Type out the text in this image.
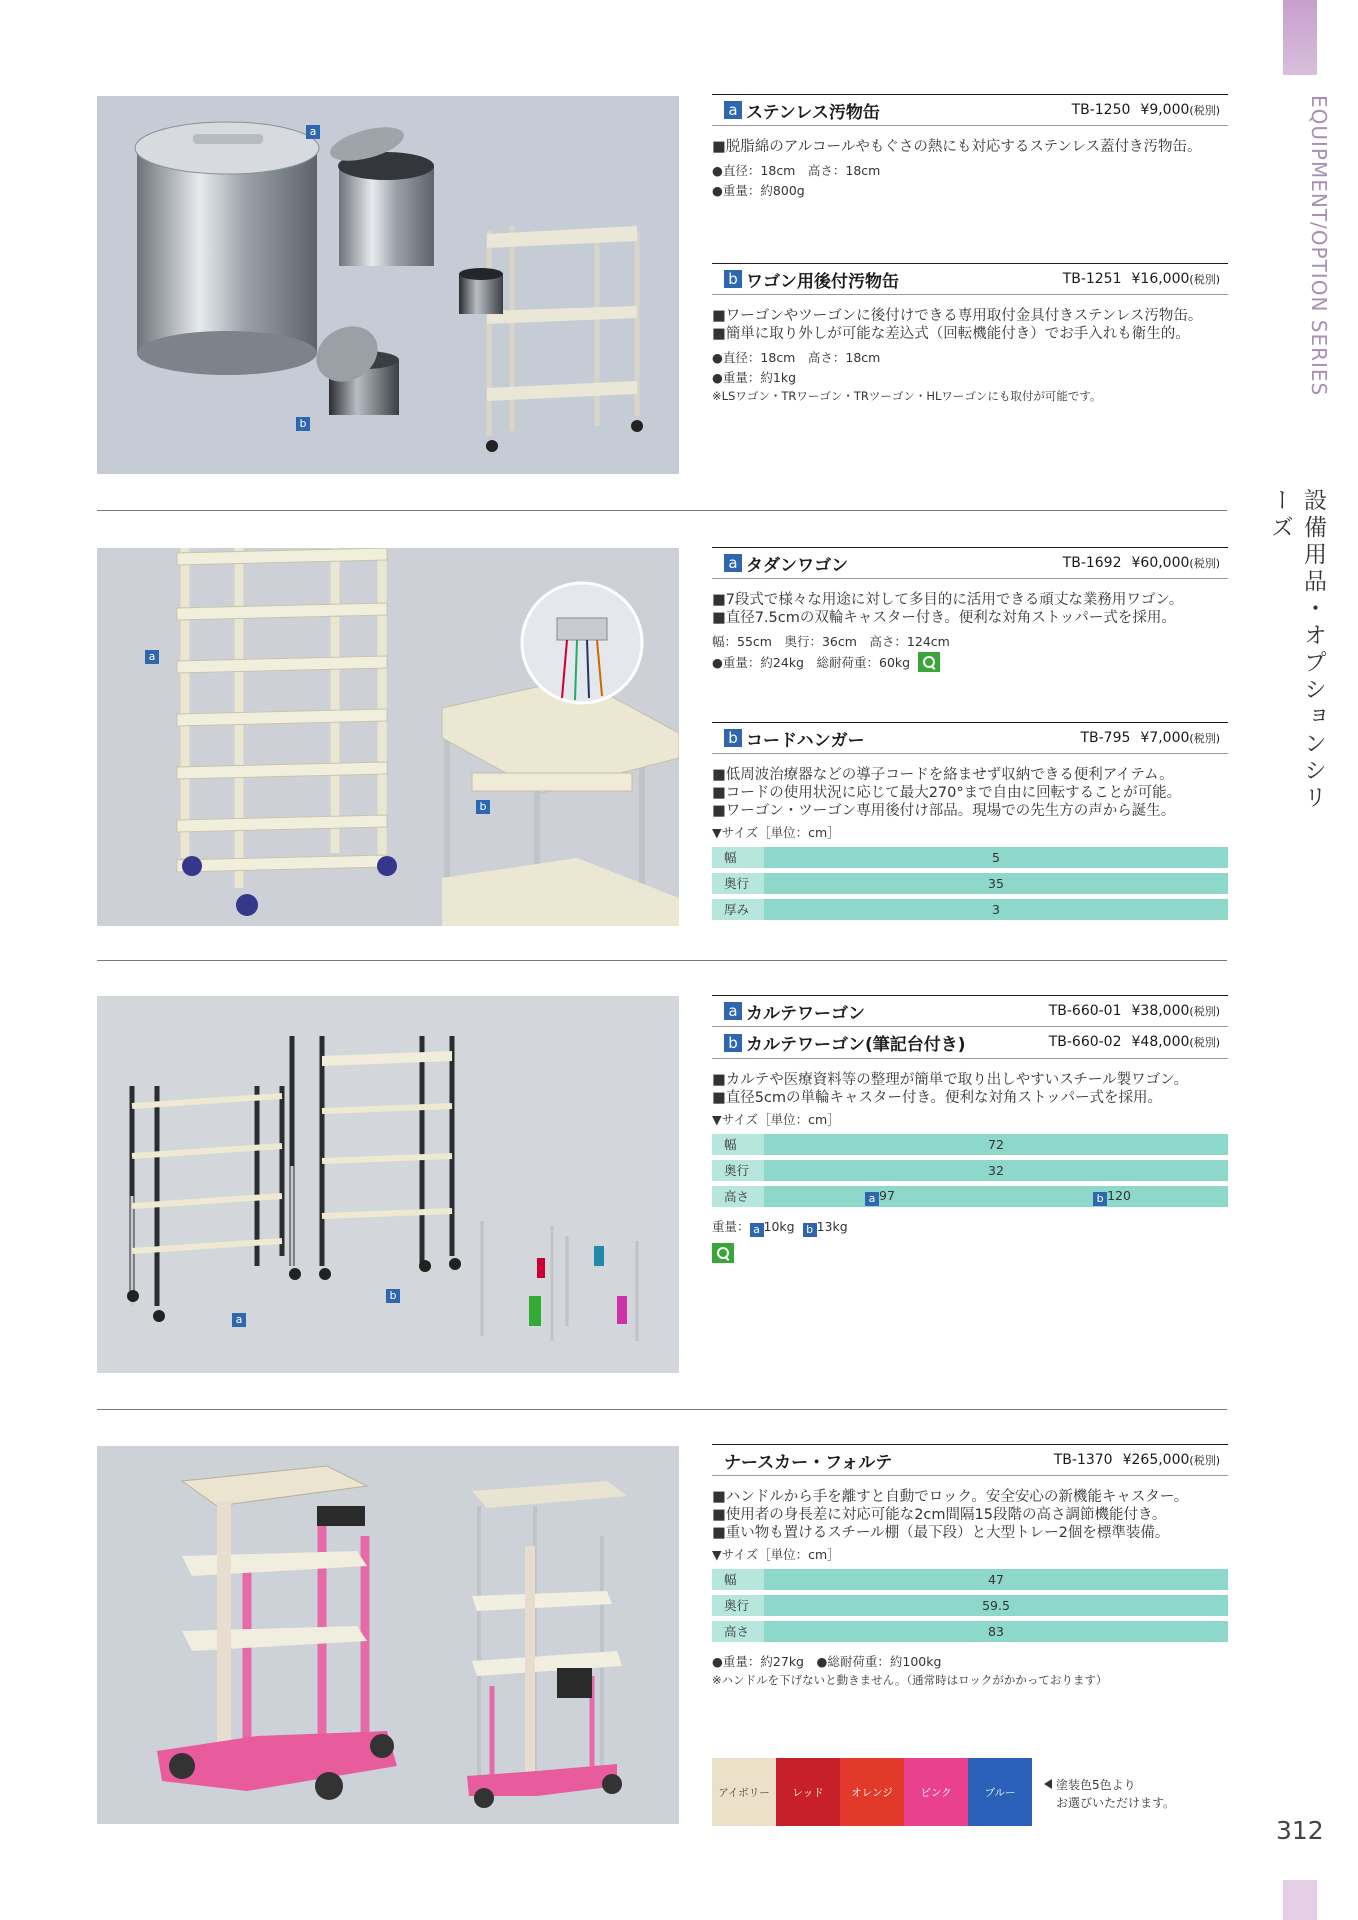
EQUIPMENT/OPTION SERIES
設備用品・オプションシリーズ
312
a
b
a ステンレス汚物缶	TB-1250 ¥9,000(税別)
■脱脂綿のアルコールやもぐさの熱にも対応するステンレス蓋付き汚物缶。
●直径：18cm　高さ：18cm
●重量：約800g
b ワゴン用後付汚物缶	TB-1251 ¥16,000(税別)
■ワーゴンやツーゴンに後付けできる専用取付金具付きステンレス汚物缶。
■簡単に取り外しが可能な差込式（回転機能付き）でお手入れも衛生的。
●直径：18cm　高さ：18cm
●重量：約1kg
※LSワゴン・TRワーゴン・TRツーゴン・HLワーゴンにも取付が可能です。
a
b
a タダンワゴン	TB-1692 ¥60,000(税別)
■7段式で様々な用途に対して多目的に活用できる頑丈な業務用ワゴン。
■直径7.5cmの双輪キャスター付き。便利な対角ストッパー式を採用。
幅：55cm　奥行：36cm　高さ：124cm
●重量：約24kg　総耐荷重：60kg
b コードハンガー	TB-795 ¥7,000(税別)
■低周波治療器などの導子コードを絡ませず収納できる便利アイテム。
■コードの使用状況に応じて最大270°まで自由に回転することが可能。
■ワーゴン・ツーゴン専用後付け部品。現場での先生方の声から誕生。
▼サイズ［単位：cm］
幅	5
奥行	35
厚み	3
a
b
a カルテワーゴン	TB-660-01 ¥38,000(税別)
b カルテワーゴン(筆記台付き)	TB-660-02 ¥48,000(税別)
■カルテや医療資料等の整理が簡単で取り出しやすいスチール製ワゴン。
■直径5cmの単輪キャスター付き。便利な対角ストッパー式を採用。
▼サイズ［単位：cm］
幅	72
奥行	32
高さ	a 97	b 120
重量： a 10kg b 13kg
ナースカー・フォルテ	TB-1370 ¥265,000(税別)
■ハンドルから手を離すと自動でロック。安全安心の新機能キャスター。
■使用者の身長差に対応可能な2cm間隔15段階の高さ調節機能付き。
■重い物も置けるスチール棚（最下段）と大型トレー2個を標準装備。
▼サイズ［単位：cm］
幅	47
奥行	59.5
高さ	83
●重量：約27kg　●総耐荷重：約100kg
※ハンドルを下げないと動きません。（通常時はロックがかかっております）
アイボリー	レッド	オレンジ	ピンク	ブルー
塗装色5色より
お選びいただけます。
